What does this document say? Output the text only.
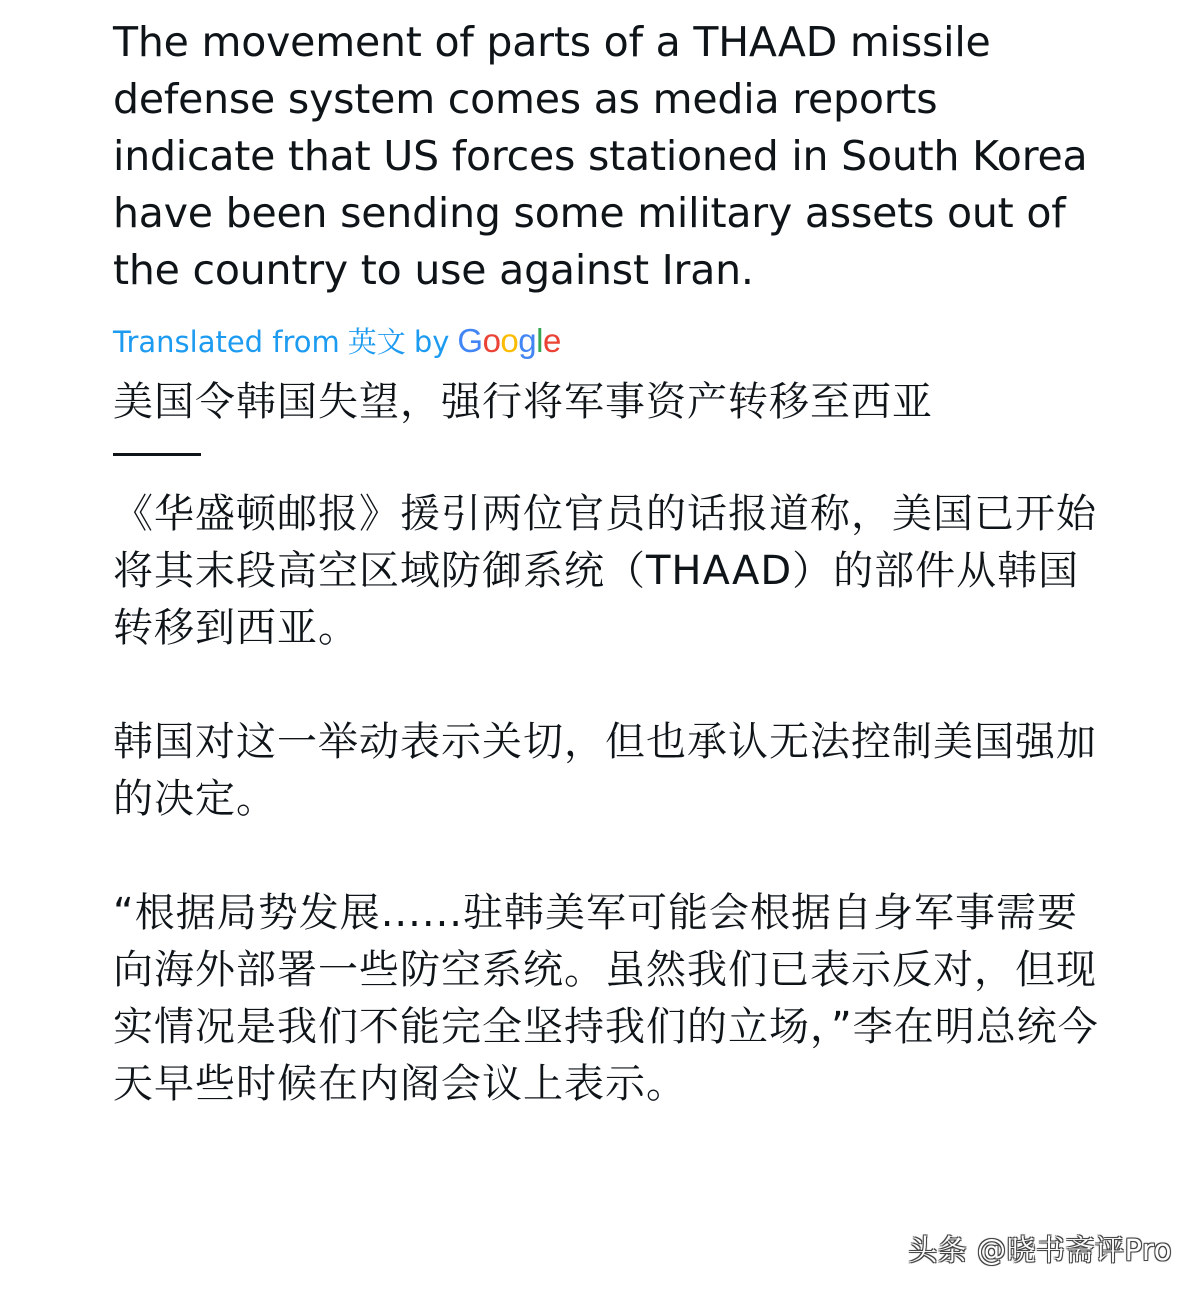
The movement of parts of a THAAD missile defense system comes as media reports indicate that US forces stationed in South Korea have been sending some military assets out of the country to use against Iran.

Translated from 英文 by Google

美国令韩国失望，强行将军事资产转移至西亚

《华盛顿邮报》援引两位官员的话报道称，美国已开始将其末段高空区域防御系统（THAAD）的部件从韩国转移到西亚。

韩国对这一举动表示关切，但也承认无法控制美国强加的决定。

“根据局势发展......驻韩美军可能会根据自身军事需要向海外部署一些防空系统。虽然我们已表示反对，但现实情况是我们不能完全坚持我们的立场，”李在明总统今天早些时候在内阁会议上表示。

头条 @晓书斋评Pro
